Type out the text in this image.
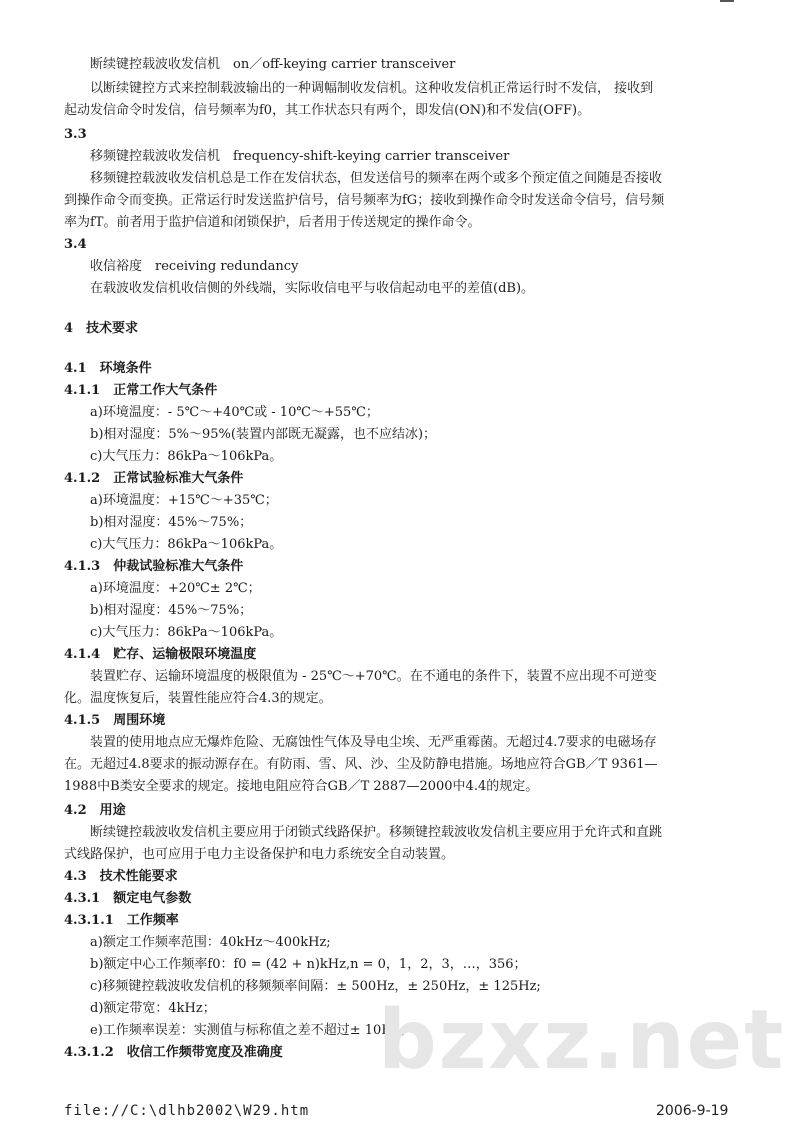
断续键控载波收发信机　on／off-keying carrier transceiver
以断续键控方式来控制载波输出的一种调幅制收发信机。这种收发信机正常运行时不发信， 接收到
起动发信命令时发信，信号频率为f0，其工作状态只有两个，即发信(ON)和不发信(OFF)。
3.3
移频键控载波收发信机　frequency-shift-keying carrier transceiver
移频键控载波收发信机总是工作在发信状态，但发送信号的频率在两个或多个预定值之间随是否接收
到操作命令而变换。正常运行时发送监护信号，信号频率为fG；接收到操作命令时发送命令信号，信号频
率为fT。前者用于监护信道和闭锁保护，后者用于传送规定的操作命令。
3.4
收信裕度　receiving redundancy
在载波收发信机收信侧的外线端，实际收信电平与收信起动电平的差值(dB)。
4　技术要求
4.1　环境条件
4.1.1　正常工作大气条件
a)环境温度：- 5℃～+40℃或 - 10℃～+55℃；
b)相对湿度：5%～95%(装置内部既无凝露，也不应结冰)；
c)大气压力：86kPa～106kPa。
4.1.2　正常试验标准大气条件
a)环境温度：+15℃～+35℃；
b)相对湿度：45%～75%；
c)大气压力：86kPa～106kPa。
4.1.3　仲裁试验标准大气条件
a)环境温度：+20℃± 2℃；
b)相对湿度：45%～75%；
c)大气压力：86kPa～106kPa。
4.1.4　贮存、运输极限环境温度
装置贮存、运输环境温度的极限值为 - 25℃～+70℃。在不通电的条件下，装置不应出现不可逆变
化。温度恢复后，装置性能应符合4.3的规定。
4.1.5　周围环境
装置的使用地点应无爆炸危险、无腐蚀性气体及导电尘埃、无严重霉菌。无超过4.7要求的电磁场存
在。无超过4.8要求的振动源存在。有防雨、雪、风、沙、尘及防静电措施。场地应符合GB／T 9361—
1988中B类安全要求的规定。接地电阻应符合GB／T 2887—2000中4.4的规定。
4.2　用途
断续键控载波收发信机主要应用于闭锁式线路保护。移频键控载波收发信机主要应用于允许式和直跳
式线路保护，也可应用于电力主设备保护和电力系统安全自动装置。
4.3　技术性能要求
4.3.1　额定电气参数
4.3.1.1　工作频率
a)额定工作频率范围：40kHz～400kHz;
b)额定中心工作频率f0：f0 = (42 + n)kHz,n = 0，1，2，3，…，356；
c)移频键控载波收发信机的移频频率间隔：± 500Hz，± 250Hz，± 125Hz;
d)额定带宽：4kHz；
e)工作频率误差：实测值与标称值之差不超过± 10Hz。
4.3.1.2　收信工作频带宽度及准确度 bzxz.net
file://C:\dlhb2002\W29.htm	2006-9-19
